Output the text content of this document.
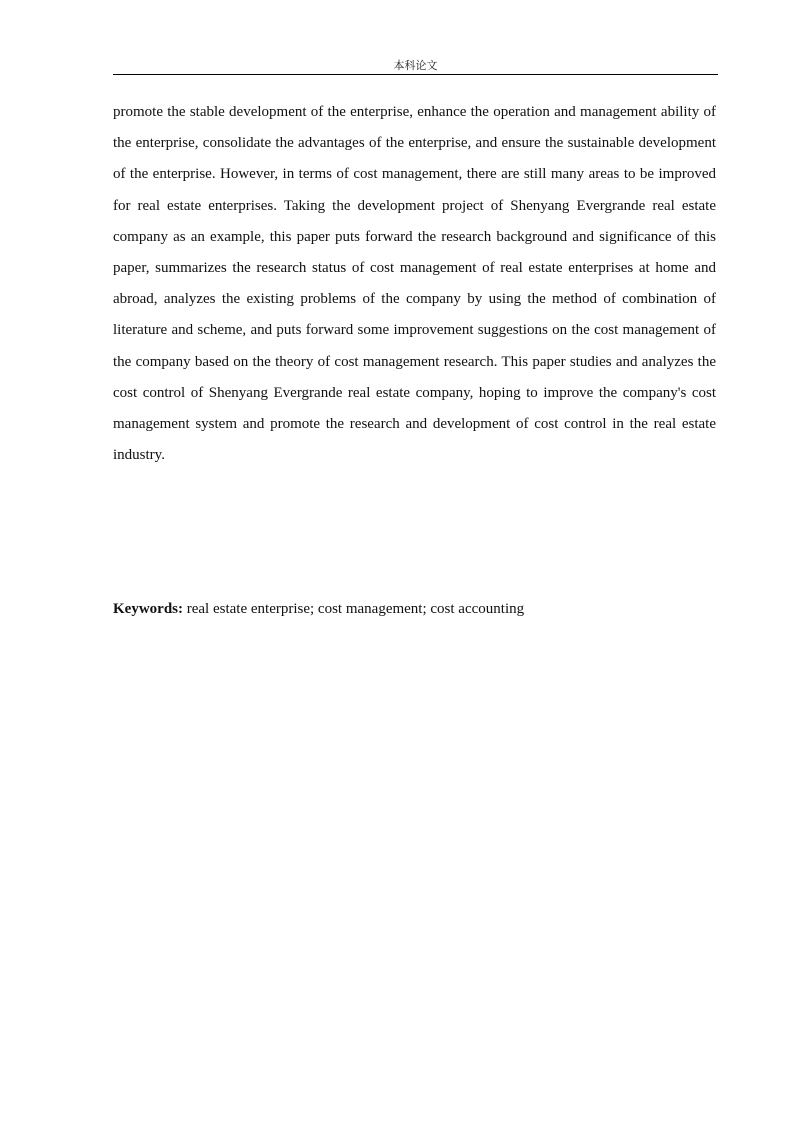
本科论文

promote the stable development of the enterprise, enhance the operation and management ability of the enterprise, consolidate the advantages of the enterprise, and ensure the sustainable development of the enterprise. However, in terms of cost management, there are still many areas to be improved for real estate enterprises. Taking the development project of Shenyang Evergrande real estate company as an example, this paper puts forward the research background and significance of this paper, summarizes the research status of cost management of real estate enterprises at home and abroad, analyzes the existing problems of the company by using the method of combination of literature and scheme, and puts forward some improvement suggestions on the cost management of the company based on the theory of cost management research. This paper studies and analyzes the cost control of Shenyang Evergrande real estate company, hoping to improve the company's cost management system and promote the research and development of cost control in the real estate industry.

Keywords: real estate enterprise; cost management; cost accounting
